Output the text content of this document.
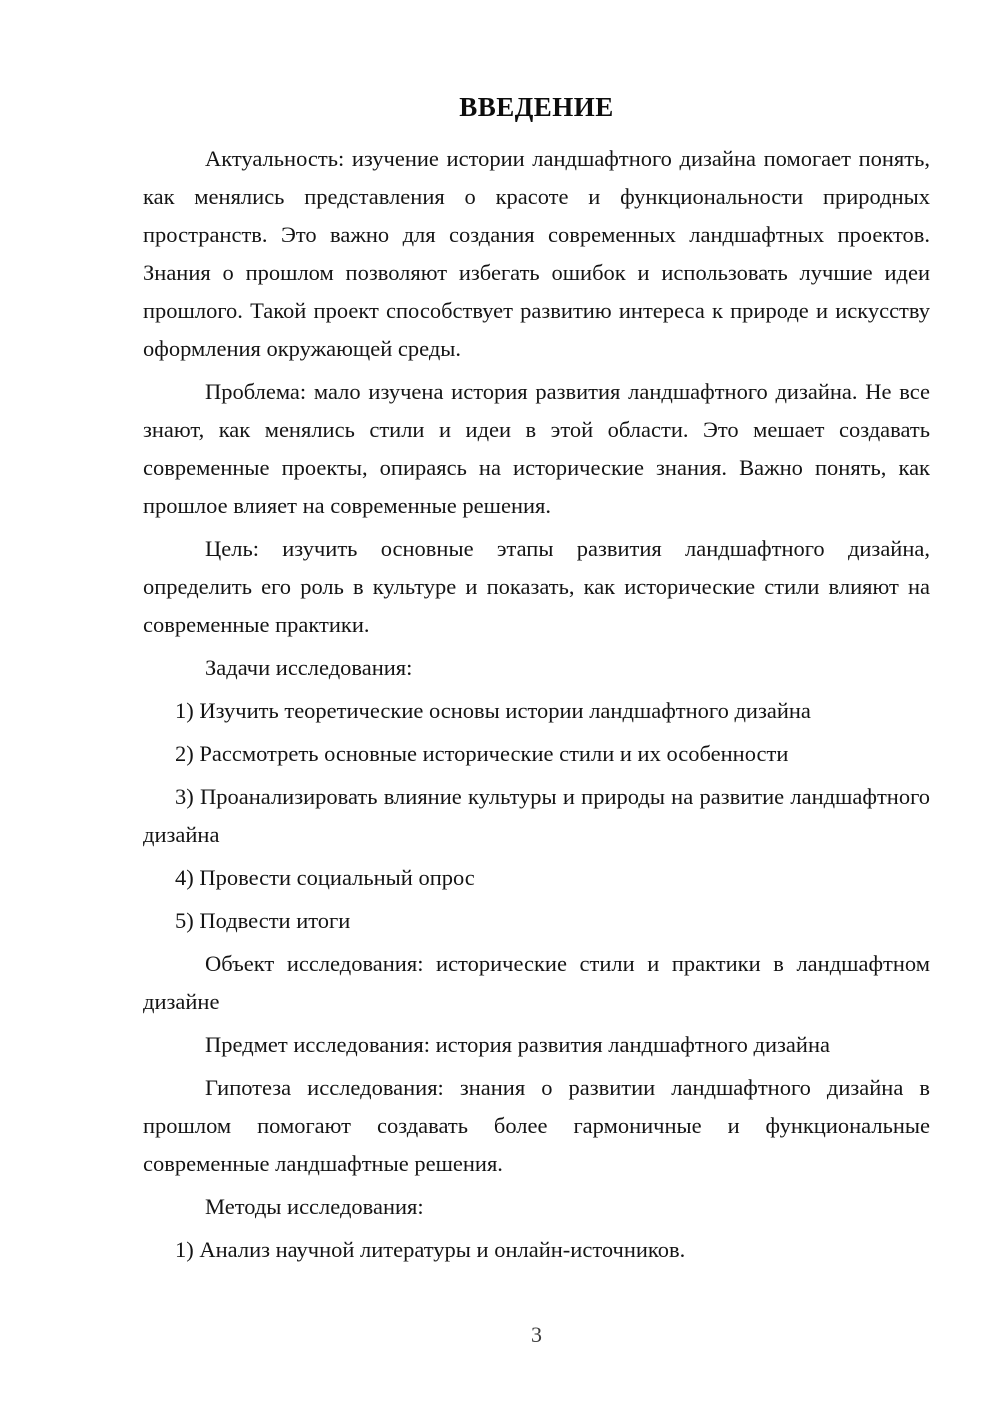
ВВЕДЕНИЕ

Актуальность: изучение истории ландшафтного дизайна помогает понять, как менялись представления о красоте и функциональности природных пространств. Это важно для создания современных ландшафтных проектов. Знания о прошлом позволяют избегать ошибок и использовать лучшие идеи прошлого. Такой проект способствует развитию интереса к природе и искусству оформления окружающей среды.

Проблема: мало изучена история развития ландшафтного дизайна. Не все знают, как менялись стили и идеи в этой области. Это мешает создавать современные проекты, опираясь на исторические знания. Важно понять, как прошлое влияет на современные решения.

Цель: изучить основные этапы развития ландшафтного дизайна, определить его роль в культуре и показать, как исторические стили влияют на современные практики.

Задачи исследования:

1) Изучить теоретические основы истории ландшафтного дизайна

2) Рассмотреть основные исторические стили и их особенности

3) Проанализировать влияние культуры и природы на развитие ландшафтного дизайна

4) Провести социальный опрос

5) Подвести итоги

Объект исследования: исторические стили и практики в ландшафтном дизайне

Предмет исследования: история развития ландшафтного дизайна

Гипотеза исследования: знания о развитии ландшафтного дизайна в прошлом помогают создавать более гармоничные и функциональные современные ландшафтные решения.

Методы исследования:

1) Анализ научной литературы и онлайн-источников.

3
